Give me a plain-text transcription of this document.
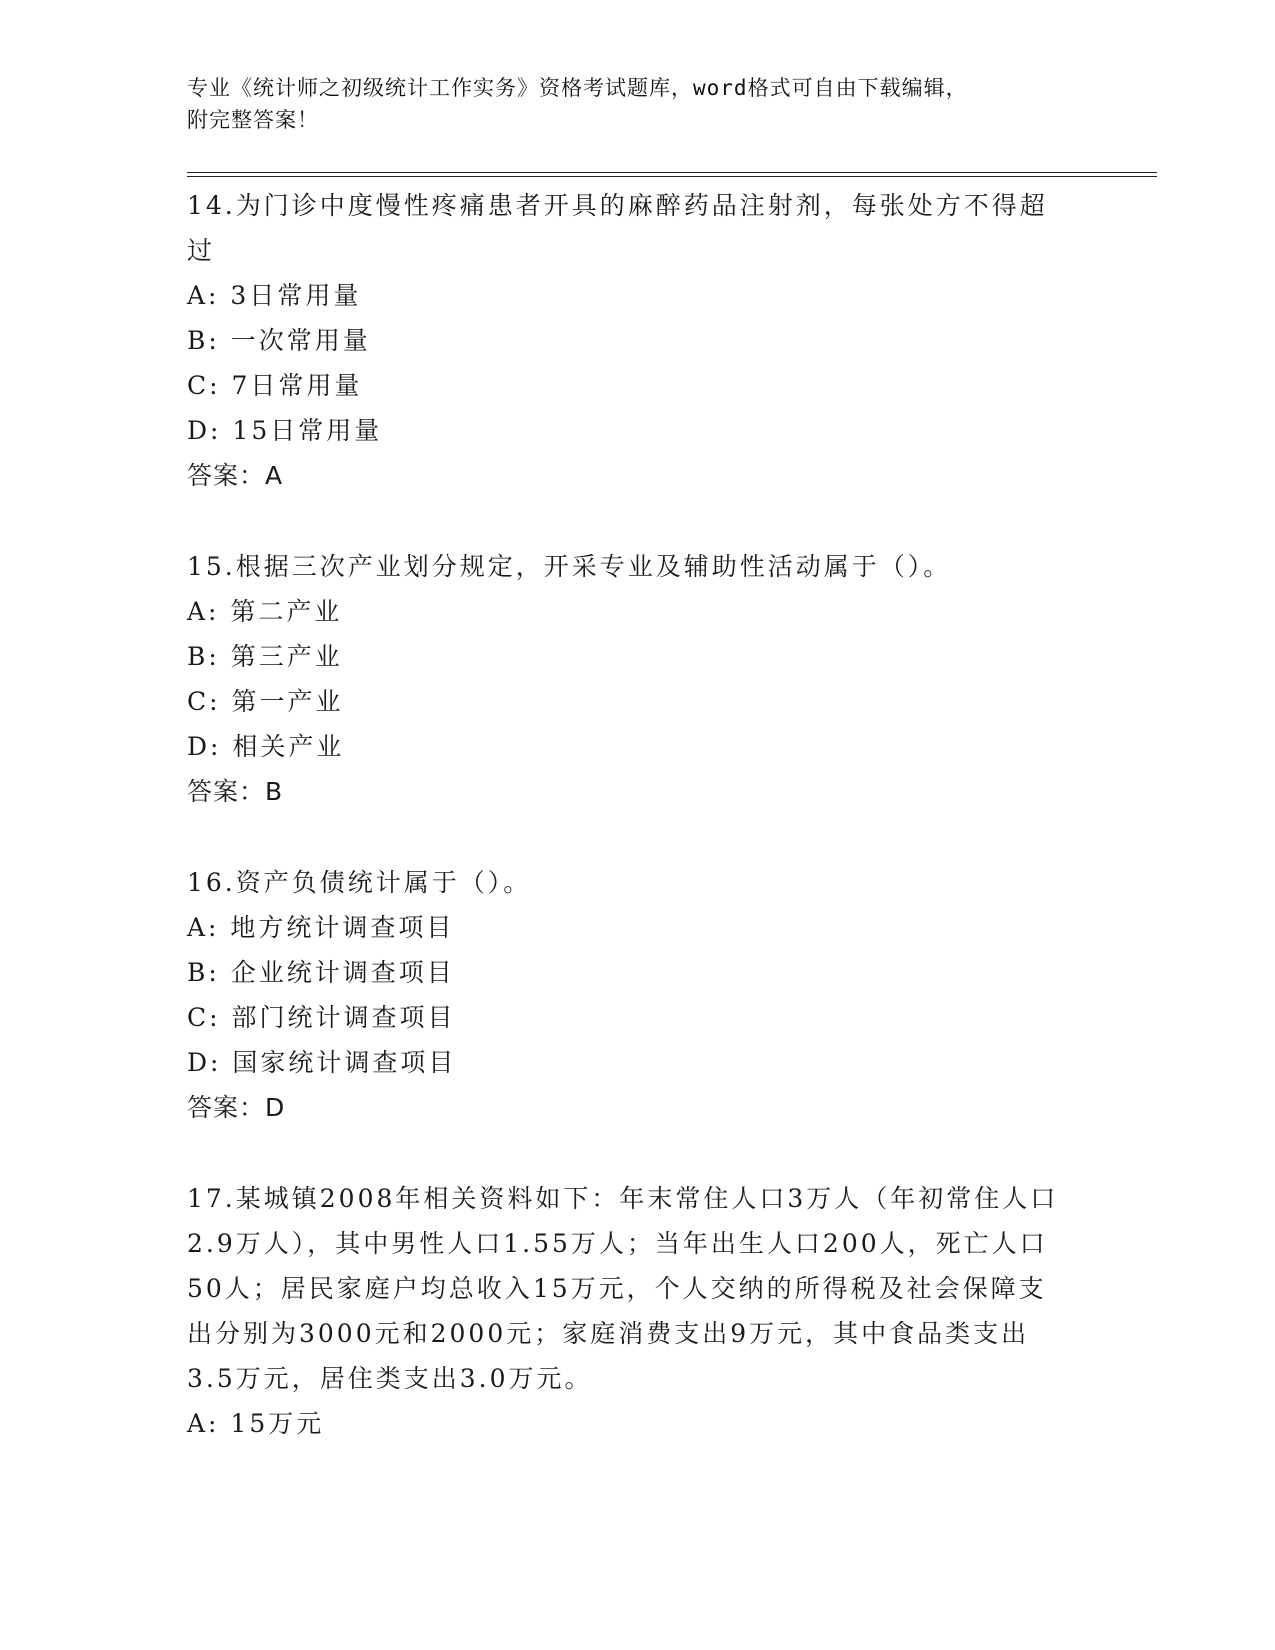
专业《统计师之初级统计工作实务》资格考试题库，word格式可自由下载编辑，
附完整答案！
14.为门诊中度慢性疼痛患者开具的麻醉药品注射剂，每张处方不得超过
A: 3日常用量
B: 一次常用量
C: 7日常用量
D: 15日常用量
答案：A
15.根据三次产业划分规定，开采专业及辅助性活动属于（）。
A: 第二产业
B: 第三产业
C: 第一产业
D: 相关产业
答案：B
16.资产负债统计属于（）。
A: 地方统计调查项目
B: 企业统计调查项目
C: 部门统计调查项目
D: 国家统计调查项目
答案：D
17.某城镇2008年相关资料如下：年末常住人口3万人（年初常住人口2.9万人），其中男性人口1.55万人；当年出生人口200人，死亡人口50人；居民家庭户均总收入15万元，个人交纳的所得税及社会保障支出分别为3000元和2000元；家庭消费支出9万元，其中食品类支出3.5万元，居住类支出3.0万元。
A: 15万元
